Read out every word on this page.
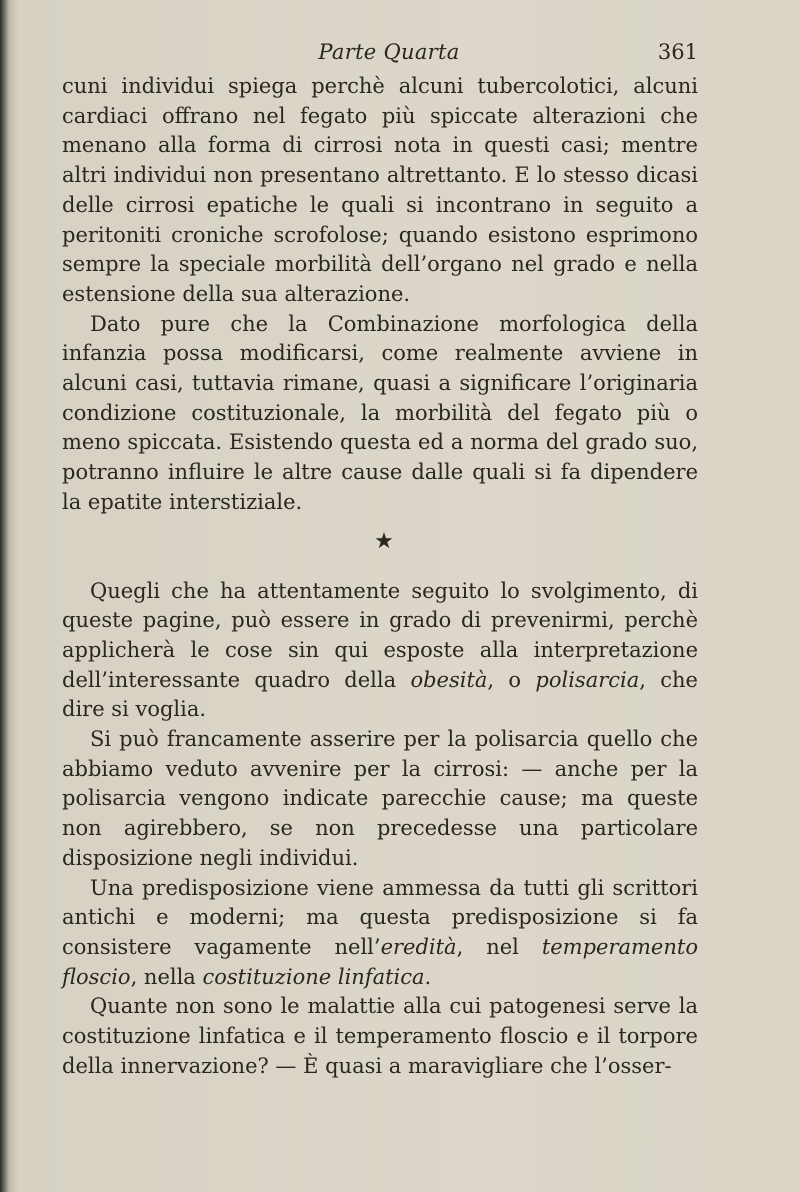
Parte Quarta	361

cuni individui spiega perchè alcuni tubercolotici, alcuni cardiaci offrano nel fegato più spiccate alterazioni che menano alla forma di cirrosi nota in questi casi; mentre altri individui non presentano altrettanto. E lo stesso dicasi delle cirrosi epatiche le quali si incontrano in seguito a peritoniti croniche scrofolose; quando esistono esprimono sempre la speciale morbilità dell’organo nel grado e nella estensione della sua alterazione.

Dato pure che la Combinazione morfologica della infanzia possa modificarsi, come realmente avviene in alcuni casi, tuttavia rimane, quasi a significare l’originaria condizione costituzionale, la morbilità del fegato più o meno spiccata. Esistendo questa ed a norma del grado suo, potranno influire le altre cause dalle quali si fa dipendere la epatite interstiziale.

★

Quegli che ha attentamente seguito lo svolgimento, di queste pagine, può essere in grado di prevenirmi, perchè applicherà le cose sin qui esposte alla interpretazione dell’interessante quadro della obesità, o polisarcia, che dire si voglia.

Si può francamente asserire per la polisarcia quello che abbiamo veduto avvenire per la cirrosi: — anche per la polisarcia vengono indicate parecchie cause; ma queste non agirebbero, se non precedesse una particolare disposizione negli individui.

Una predisposizione viene ammessa da tutti gli scrittori antichi e moderni; ma questa predisposizione si fa consistere vagamente nell’eredità, nel temperamento floscio, nella costituzione linfatica.

Quante non sono le malattie alla cui patogenesi serve la costituzione linfatica e il temperamento floscio e il torpore della innervazione? — È quasi a maravigliare che l’osser-
